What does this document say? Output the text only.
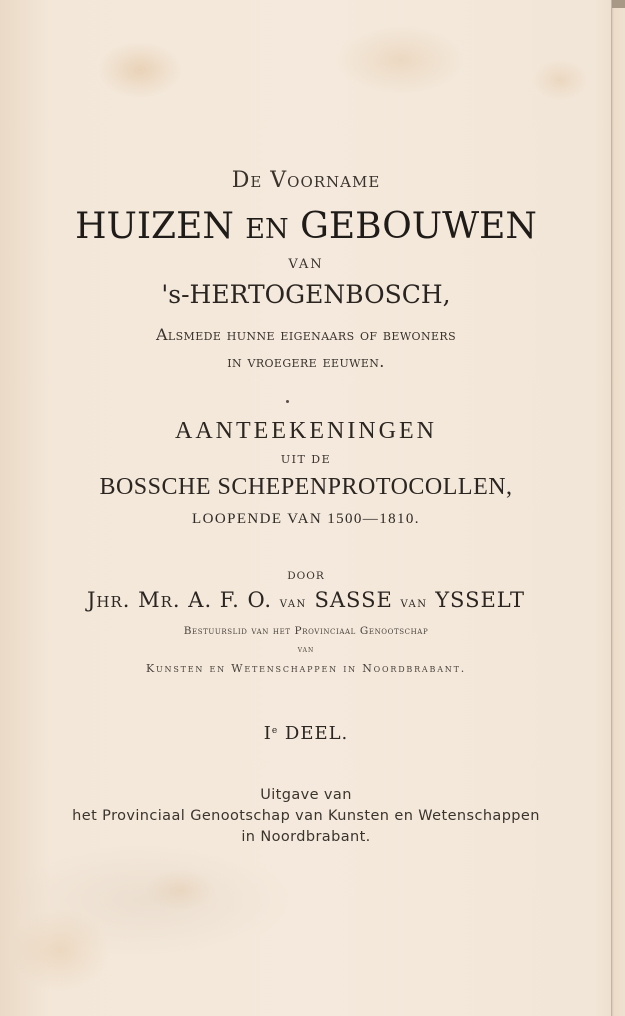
De Voorname
HUIZEN EN GEBOUWEN
VAN
's-HERTOGENBOSCH,
Alsmede hunne eigenaars of bewoners
in vroegere eeuwen.
AANTEEKENINGEN
UIT DE
BOSSCHE SCHEPENPROTOCOLLEN,
LOOPENDE VAN 1500—1810.
DOOR
Jhr. Mr. A. F. O. van SASSE van YSSELT
Bestuurslid van het Provinciaal Genootschap
van
Kunsten en Wetenschappen in Noordbrabant.
Ie DEEL.
Uitgave van
het Provinciaal Genootschap van Kunsten en Wetenschappen
in Noordbrabant.
